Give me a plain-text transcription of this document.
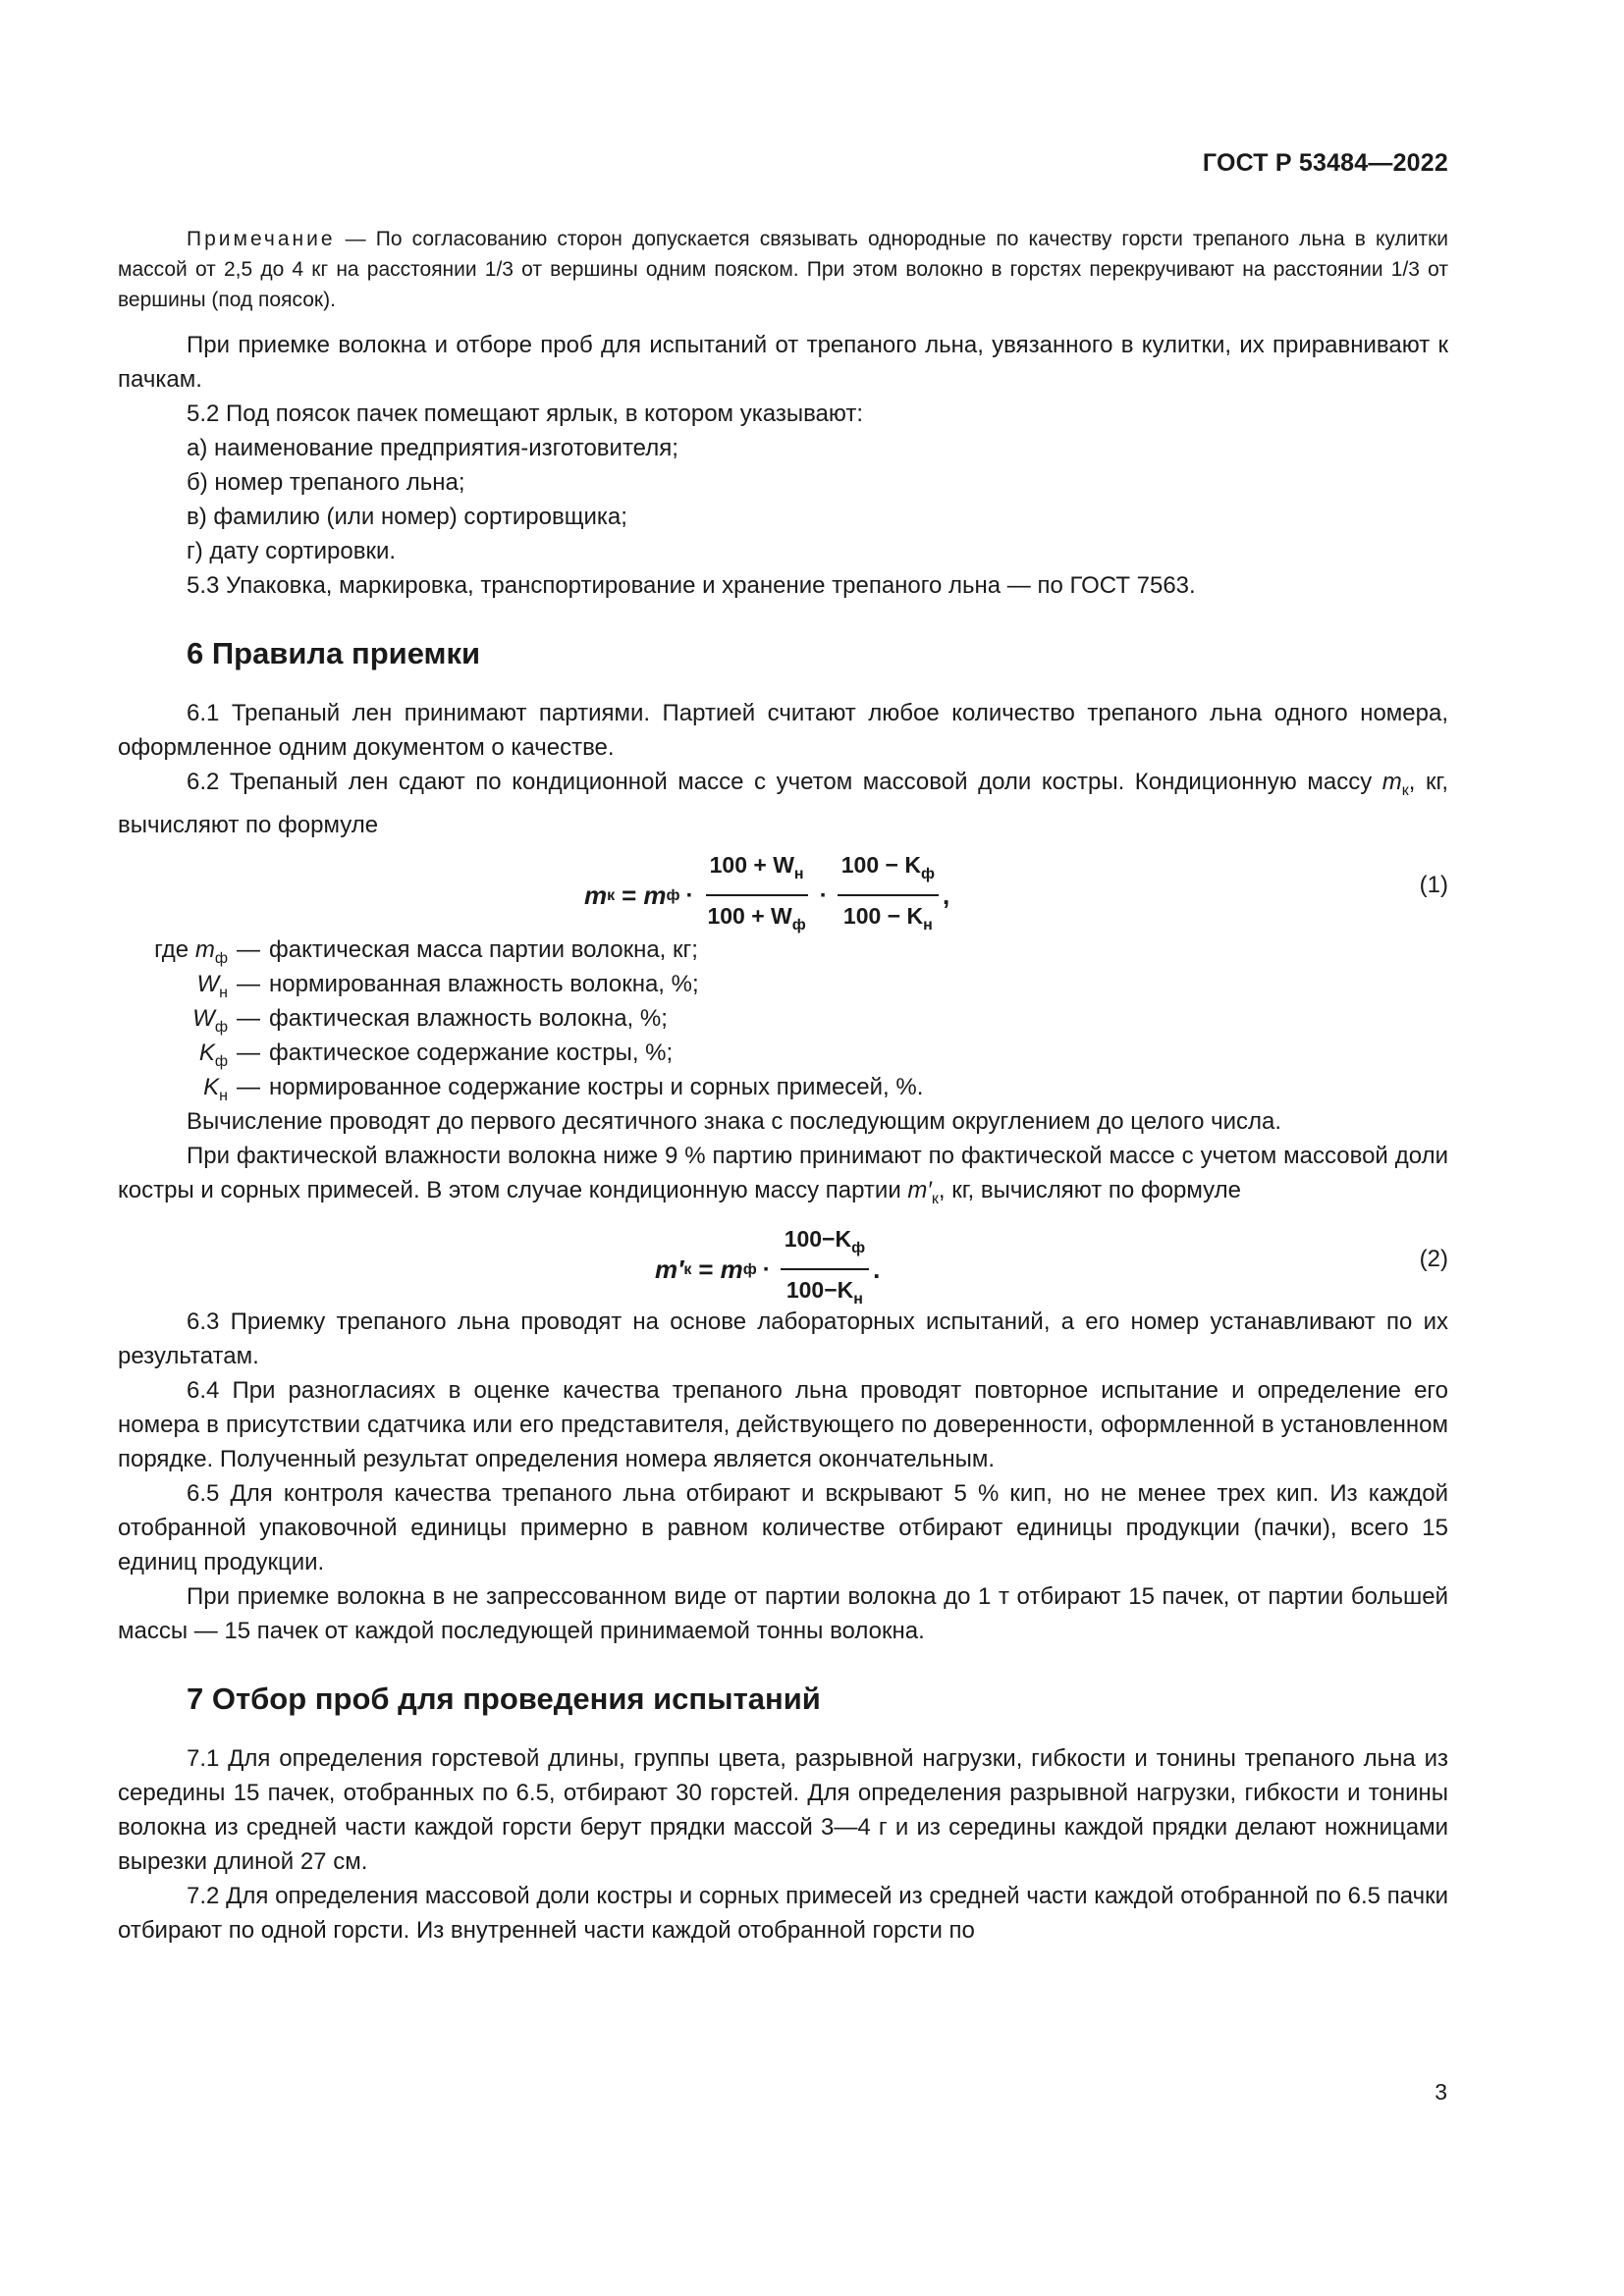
ГОСТ Р 53484—2022

Примечание — По согласованию сторон допускается связывать однородные по качеству горсти трепаного льна в кулитки массой от 2,5 до 4 кг на расстоянии 1/3 от вершины одним пояском. При этом волокно в горстях перекручивают на расстоянии 1/3 от вершины (под поясок).

При приемке волокна и отборе проб для испытаний от трепаного льна, увязанного в кулитки, их приравнивают к пачкам.

5.2 Под поясок пачек помещают ярлык, в котором указывают:

а) наименование предприятия-изготовителя;
б) номер трепаного льна;
в) фамилию (или номер) сортировщика;
г) дату сортировки.

5.3 Упаковка, маркировка, транспортирование и хранение трепаного льна — по ГОСТ 7563.

6 Правила приемки

6.1 Трепаный лен принимают партиями. Партией считают любое количество трепаного льна одного номера, оформленное одним документом о качестве.

6.2 Трепаный лен сдают по кондиционной массе с учетом массовой доли костры. Кондиционную массу $m_к$, кг, вычисляют по формуле

m к = m $ф \cdot \frac{100 + W_н}{100 + W_ф} \cdot \frac{100 - K_ф}{100 - K_н}$ ,	(1)
где $m_ф$ — фактическая масса партии волокна, кг;
$W_н$ — нормированная влажность волокна, %;
$W_ф$ — фактическая влажность волокна, %;
$K_ф$ — фактическое содержание костры, %;
$K_н$ — нормированное содержание костры и сорных примесей, %.

Вычисление проводят до первого десятичного знака с последующим округлением до целого числа.

При фактической влажности волокна ниже 9 % партию принимают по фактической массе с учетом массовой доли костры и сорных примесей. В этом случае кондиционную массу партии $m'_к$, кг, вычисляют по формуле

m′ к = m $ф \cdot \frac{100-K_ф}{100-K_н}$ .	(2)

6.3 Приемку трепаного льна проводят на основе лабораторных испытаний, а его номер устанавливают по их результатам.

6.4 При разногласиях в оценке качества трепаного льна проводят повторное испытание и определение его номера в присутствии сдатчика или его представителя, действующего по доверенности, оформленной в установленном порядке. Полученный результат определения номера является окончательным.

6.5 Для контроля качества трепаного льна отбирают и вскрывают 5 % кип, но не менее трех кип. Из каждой отобранной упаковочной единицы примерно в равном количестве отбирают единицы продукции (пачки), всего 15 единиц продукции.

При приемке волокна в не запрессованном виде от партии волокна до 1 т отбирают 15 пачек, от партии большей массы — 15 пачек от каждой последующей принимаемой тонны волокна.

7 Отбор проб для проведения испытаний

7.1 Для определения горстевой длины, группы цвета, разрывной нагрузки, гибкости и тонины трепаного льна из середины 15 пачек, отобранных по 6.5, отбирают 30 горстей. Для определения разрывной нагрузки, гибкости и тонины волокна из средней части каждой горсти берут прядки массой 3—4 г и из середины каждой прядки делают ножницами вырезки длиной 27 см.

7.2 Для определения массовой доли костры и сорных примесей из средней части каждой отобранной по 6.5 пачки отбирают по одной горсти. Из внутренней части каждой отобранной горсти по

3
